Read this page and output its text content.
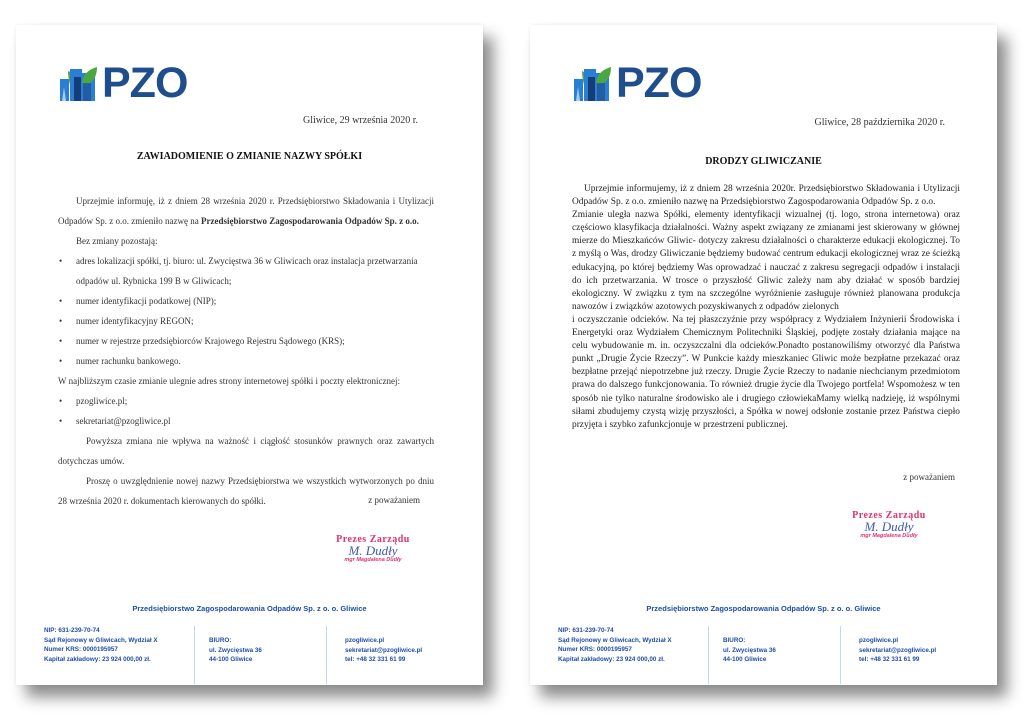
PZO
Gliwice, 29 września 2020 r.
ZAWIADOMIENIE O ZMIANIE NAZWY SPÓŁKI

Uprzejmie informuję, iż z dniem 28 września 2020 r. Przedsiębiorstwo Składowania i Utylizacji Odpadów Sp. z o.o. zmieniło nazwę na Przedsiębiorstwo Zagospodarowania Odpadów Sp. z o.o.

Bez zmiany pozostają:

• adres lokalizacji spółki, tj. biuro: ul. Zwycięstwa 36 w Gliwicach oraz instalacja przetwarzania odpadów ul. Rybnicka 199 B w Gliwicach;
• numer identyfikacji podatkowej (NIP);
• numer identyfikacyjny REGON;
• numer w rejestrze przedsiębiorców Krajowego Rejestru Sądowego (KRS);
• numer rachunku bankowego.

W najbliższym czasie zmianie ulegnie adres strony internetowej spółki i poczty elektronicznej:

• pzogliwice.pl;
• sekretariat@pzogliwice.pl

Powyższa zmiana nie wpływa na ważność i ciągłość stosunków prawnych oraz zawartych dotychczas umów.

Proszę o uwzględnienie nowej nazwy Przedsiębiorstwa we wszystkich wytworzonych po dniu 28 września 2020 r. dokumentach kierowanych do spółki.	z poważaniem
Prezes Zarządu
M. Dudły
mgr Magdalena Dudły
Przedsiębiorstwo Zagospodarowania Odpadów Sp. z o. o. Gliwice
NIP: 631-239-70-74
Sąd Rejonowy w Gliwicach, Wydział X
Numer KRS: 0000195957
Kapitał zakładowy: 23 924 000,00 zł.
BIURO:
ul. Zwycięstwa 36
44-100 Gliwice
pzogliwice.pl
sekretariat@pzogliwice.pl
tel: +48 32 331 61 99
PZO
Gliwice, 28 października 2020 r.
DRODZY GLIWICZANIE

Uprzejmie informujemy, iż z dniem 28 września 2020r. Przedsiębiorstwo Składowania i Utylizacji Odpadów Sp. z o.o. zmieniło nazwę na Przedsiębiorstwo Zagospodarowania Odpadów Sp. z o.o.

Zmianie uległa nazwa Spółki, elementy identyfikacji wizualnej (tj. logo, strona internetowa) oraz częściowo klasyfikacja działalności. Ważny aspekt związany ze zmianami jest skierowany w głównej mierze do Mieszkańców Gliwic- dotyczy zakresu działalności o charakterze edukacji ekologicznej. To z myślą o Was, drodzy Gliwiczanie będziemy budować centrum edukacji ekologicznej wraz ze ścieżką edukacyjną, po której będziemy Was oprowadzać i nauczać z zakresu segregacji odpadów i instalacji do ich przetwarzania. W trosce o przyszłość Gliwic zależy nam aby działać w sposób bardziej ekologiczny. W związku z tym na szczególne wyróżnienie zasługuje również planowana produkcja nawozów i związków azotowych pozyskiwanych z odpadów zielonych

i oczyszczanie odcieków. Na tej płaszczyźnie przy współpracy z Wydziałem Inżynierii Środowiska i Energetyki oraz Wydziałem Chemicznym Politechniki Śląskiej, podjęte zostały działania mające na celu wybudowanie m. in. oczyszczalni dla odcieków.Ponadto postanowiliśmy otworzyć dla Państwa punkt „Drugie Życie Rzeczy”. W Punkcie każdy mieszkaniec Gliwic może bezpłatne przekazać oraz bezpłatne przejąć niepotrzebne już rzeczy. Drugie Życie Rzeczy to nadanie niechcianym przedmiotom prawa do dalszego funkcjonowania. To również drugie życie dla Twojego portfela! Wspomożesz w ten sposób nie tylko naturalne środowisko ale i drugiego człowiekaMamy wielką nadzieję, iż wspólnymi siłami zbudujemy czystą wizję przyszłości, a Spółka w nowej odsłonie zostanie przez Państwa ciepło przyjęta i szybko zafunkcjonuje w przestrzeni publicznej.

z poważaniem
Prezes Zarządu
M. Dudły
mgr Magdalena Dudły
Przedsiębiorstwo Zagospodarowania Odpadów Sp. z o. o. Gliwice
NIP: 631-239-70-74
Sąd Rejonowy w Gliwicach, Wydział X
Numer KRS: 0000195957
Kapitał zakładowy: 23 924 000,00 zł.
BIURO:
ul. Zwycięstwa 36
44-100 Gliwice
pzogliwice.pl
sekretariat@pzogliwice.pl
tel: +48 32 331 61 99
